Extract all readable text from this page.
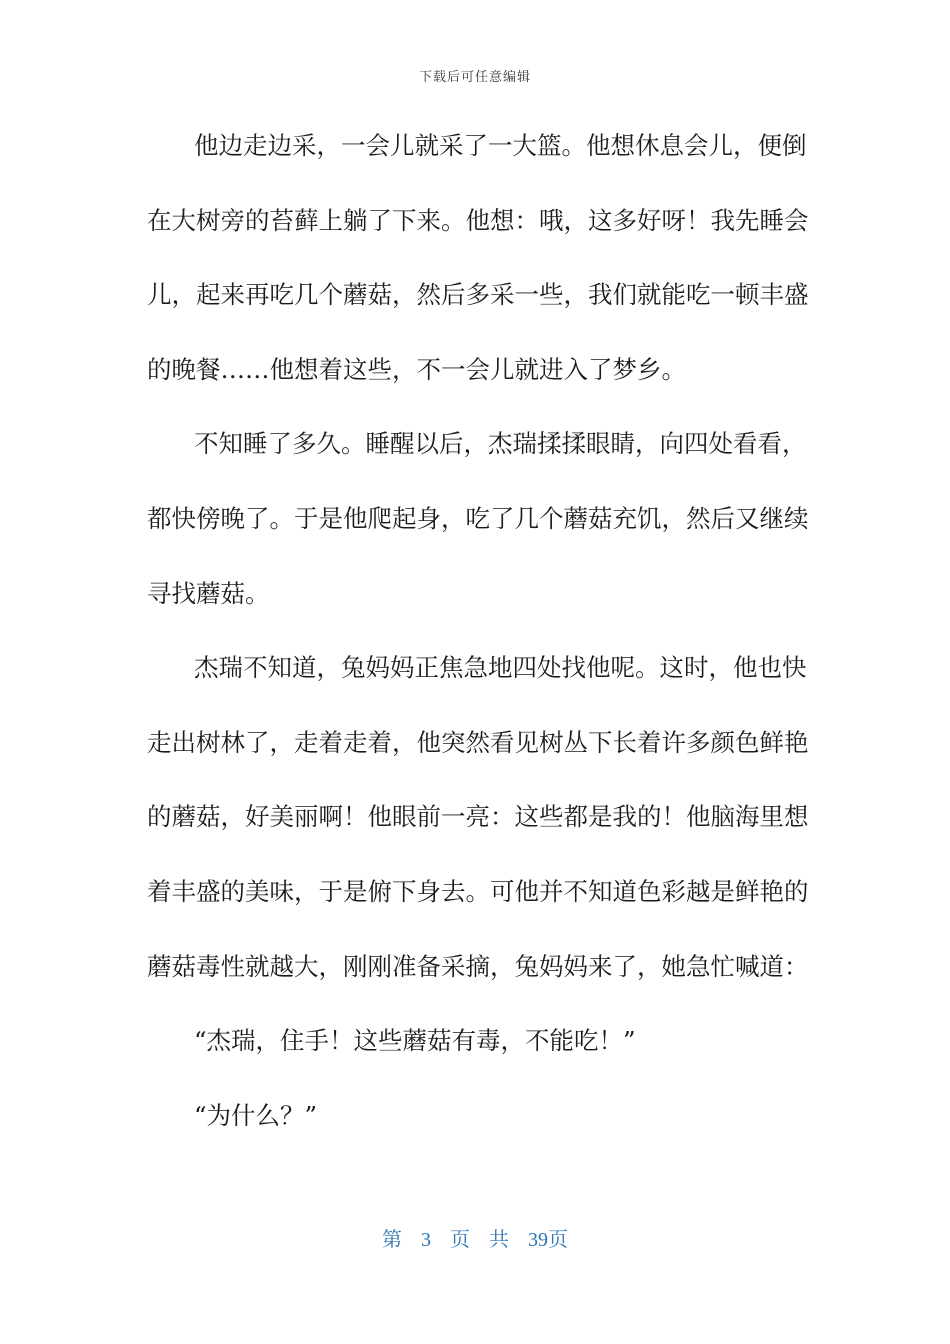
下载后可任意编辑
他边走边采，一会儿就采了一大篮。他想休息会儿，便倒
在大树旁的苔藓上躺了下来。他想：哦，这多好呀！我先睡会
儿，起来再吃几个蘑菇，然后多采一些，我们就能吃一顿丰盛
的晚餐……他想着这些，不一会儿就进入了梦乡。
不知睡了多久。睡醒以后，杰瑞揉揉眼睛，向四处看看，
都快傍晚了。于是他爬起身，吃了几个蘑菇充饥，然后又继续
寻找蘑菇。
杰瑞不知道，兔妈妈正焦急地四处找他呢。这时，他也快
走出树林了，走着走着，他突然看见树丛下长着许多颜色鲜艳
的蘑菇，好美丽啊！他眼前一亮：这些都是我的！他脑海里想
着丰盛的美味，于是俯下身去。可他并不知道色彩越是鲜艳的
蘑菇毒性就越大，刚刚准备采摘，兔妈妈来了，她急忙喊道：
“杰瑞，住手！这些蘑菇有毒，不能吃！”
“为什么？”
第 3 页 共 39页
